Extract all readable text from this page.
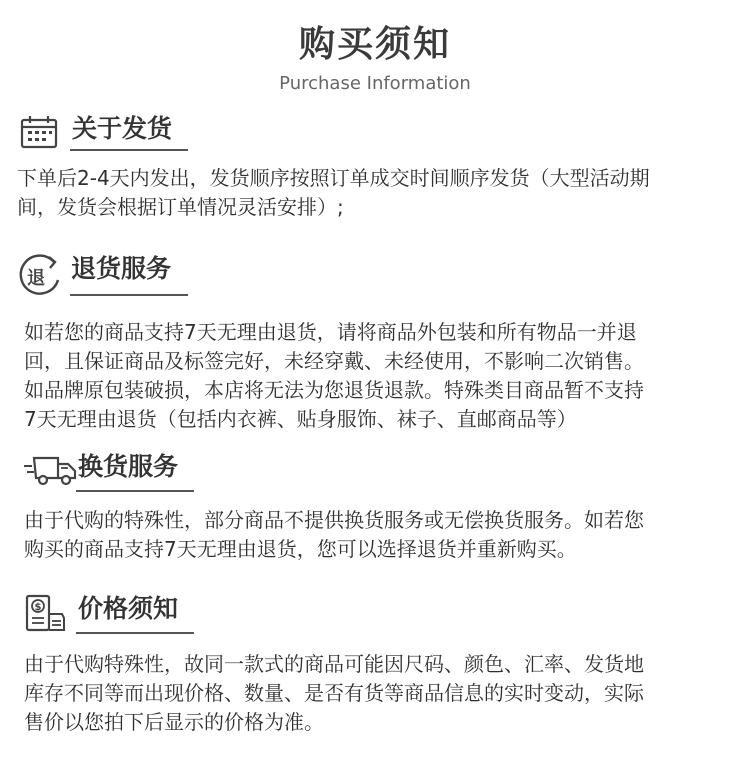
购买须知
Purchase Information
关于发货
下单后2-4天内发出，发货顺序按照订单成交时间顺序发货（大型活动期
间，发货会根据订单情况灵活安排）;
退 退货服务
如若您的商品支持7天无理由退货，请将商品外包装和所有物品一并退
回，且保证商品及标签完好，未经穿戴、未经使用，不影响二次销售。
如品牌原包装破损，本店将无法为您退货退款。特殊类目商品暂不支持
7天无理由退货（包括内衣裤、贴身服饰、袜子、直邮商品等）
换货服务
由于代购的特殊性，部分商品不提供换货服务或无偿换货服务。如若您
购买的商品支持7天无理由退货，您可以选择退货并重新购买。
$ 价格须知
由于代购特殊性，故同一款式的商品可能因尺码、颜色、汇率、发货地
库存不同等而出现价格、数量、是否有货等商品信息的实时变动，实际
售价以您拍下后显示的价格为准。
